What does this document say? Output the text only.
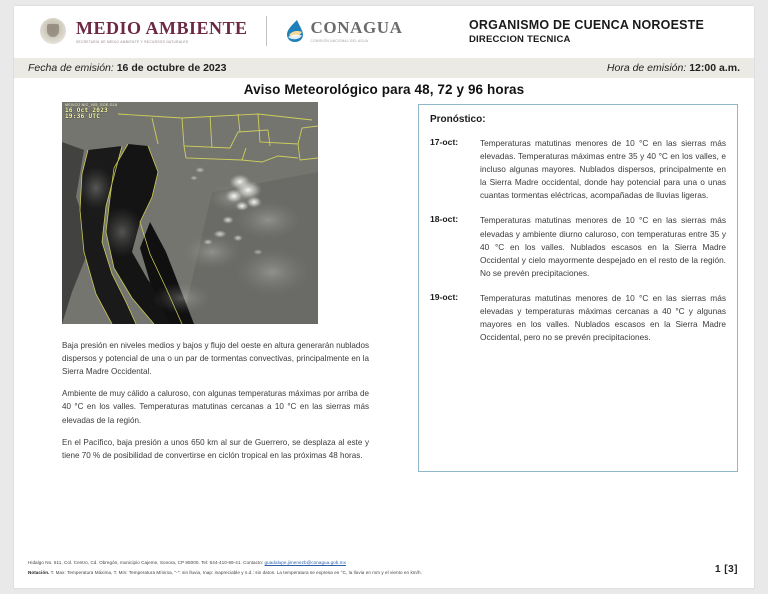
MEDIO AMBIENTE
SECRETARÍA DE MEDIO AMBIENTE Y RECURSOS NATURALES
CONAGUA
COMISIÓN NACIONAL DEL AGUA
ORGANISMO DE CUENCA NOROESTE
DIRECCION TECNICA
Fecha de emisión: 16 de octubre de 2023	Hora de emisión: 12:00 a.m.
Aviso Meteorológico para 48, 72 y 96 horas
MEXICO N/C_V05_GOE-G18
16 Oct 2023
19:36 UTC

Baja presión en niveles medios y bajos y flujo del oeste en altura generarán nublados dispersos y potencial de una o un par de tormentas convectivas, principalmente en la Sierra Madre Occidental.

Ambiente de muy cálido a caluroso, con algunas temperaturas máximas por arriba de 40 °C en los valles. Temperaturas matutinas cercanas a 10 °C en las sierras más elevadas de la región.

En el Pacífico, baja presión a unos 650 km al sur de Guerrero, se desplaza al este y tiene 70 % de posibilidad de convertirse en ciclón tropical en las próximas 48 horas.

Pronóstico:
17-oct:	Temperaturas matutinas menores de 10 °C en las sierras más elevadas. Temperaturas máximas entre 35 y 40 °C en los valles, e incluso algunas mayores. Nublados dispersos, principalmente en la Sierra Madre occidental, donde hay potencial para una o unas cuantas tormentas eléctricas, acompañadas de lluvias ligeras.
18-oct:	Temperaturas matutinas menores de 10 °C en las sierras más elevadas y ambiente diurno caluroso, con temperaturas entre 35 y 40 °C en los valles. Nublados escasos en la Sierra Madre Occidental y cielo mayormente despejado en el resto de la región. No se prevén precipitaciones.
19-oct:	Temperaturas matutinas menores de 10 °C en las sierras más elevadas y temperaturas máximas cercanas a 40 °C y algunas mayores en los valles. Nublados escasos en la Sierra Madre Occidental, pero no se prevén precipitaciones.
Hidalgo No. 611, Col. Centro, Cd. Obregón, municipio Cajeme, Sonora, CP 85000. Tel: 644-410-69-41. Contacto: guadalupe.jimenezb@conagua.gob.mx
Notación. T. Max: Temperatura Máxima, T. Min: Temperatura Mínima, "-": sin lluvia, Inap: inapreciable y s.d.: sin datos. La temperatura se expresa en °C, la lluvia en mm y el viento en km/h.	1 [3]
